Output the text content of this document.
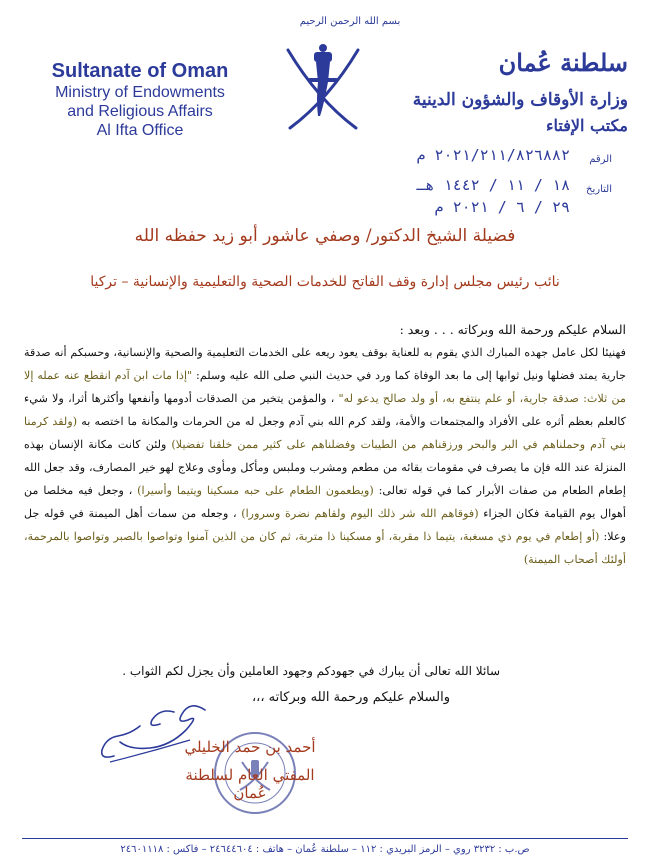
بسم الله الرحمن الرحيم
Sultanate of Oman
Ministry of Endowments
and Religious Affairs
Al Ifta Office
سلطنة عُمان
وزارة الأوقاف والشؤون الدينية
مكتب الإفتاء
الرقم
٢٠٢١/٢١١/٨٢٦٨٨٢ م
التاريخ
١٨ / ١١ / ١٤٤٢ هـ
٢٩ / ٦ / ٢٠٢١ م
فضيلة الشيخ الدكتور/ وصفي عاشور أبو زيد حفظه الله
نائب رئيس مجلس إدارة وقف الفاتح للخدمات الصحية والتعليمية والإنسانية – تركيا

السلام عليكم ورحمة الله وبركاته . . . وبعد :

فهنيئا لكل عامل جهده المبارك الذي يقوم به للعناية بوقف يعود ريعه على الخدمات التعليمية والصحية والإنسانية، وحسبكم أنه صدقة جارية يمتد فضلها ونيل ثوابها إلى ما بعد الوفاة كما ورد في حديث النبي صلى الله عليه وسلم: "إذا مات ابن آدم انقطع عنه عمله إلا من ثلاث: صدقة جارية، أو علم ينتفع به، أو ولد صالح يدعو له" ، والمؤمن يتخير من الصدقات أدومها وأنفعها وأكثرها أثرا، ولا شيء كالعلم بعظم أثره على الأفراد والمجتمعات والأمة، ولقد كرم الله بني آدم وجعل له من الحرمات والمكانة ما اختصه به (ولقد كرمنا بني آدم وحملناهم في البر والبحر ورزقناهم من الطيبات وفضلناهم على كثير ممن خلقنا تفضيلا) ولئن كانت مكانة الإنسان بهذه المنزلة عند الله فإن ما يصرف في مقومات بقائه من مطعم ومشرب وملبس ومأكل ومأوى وعلاج لهو خير المصارف، وقد جعل الله إطعام الطعام من صفات الأبرار كما في قوله تعالى: (ويطعمون الطعام على حبه مسكينا ويتيما وأسيرا) ، وجعل فيه مخلصا من أهوال يوم القيامة فكان الجزاء (فوقاهم الله شر ذلك اليوم ولقاهم نضرة وسرورا) ، وجعله من سمات أهل الميمنة في قوله جل وعلا: (أو إطعام في يوم ذي مسغبة، يتيما ذا مقربة، أو مسكينا ذا متربة، ثم كان من الذين آمنوا وتواصوا بالصبر وتواصوا بالمرحمة، أولئك أصحاب الميمنة)

سائلا الله تعالى أن يبارك في جهودكم وجهود العاملين وأن يجزل لكم الثواب .
والسلام عليكم ورحمة الله وبركاته ،،،
أحمد بن حمد الخليلي
المفتي العام لسلطنة عُمان
ص.ب : ٣٢٣٢ روي – الرمز البريدي : ١١٢ – سلطنة عُمان – هاتف : ٢٤٦٤٤٦٠٤ – فاكس : ٢٤٦٠١١١٨
